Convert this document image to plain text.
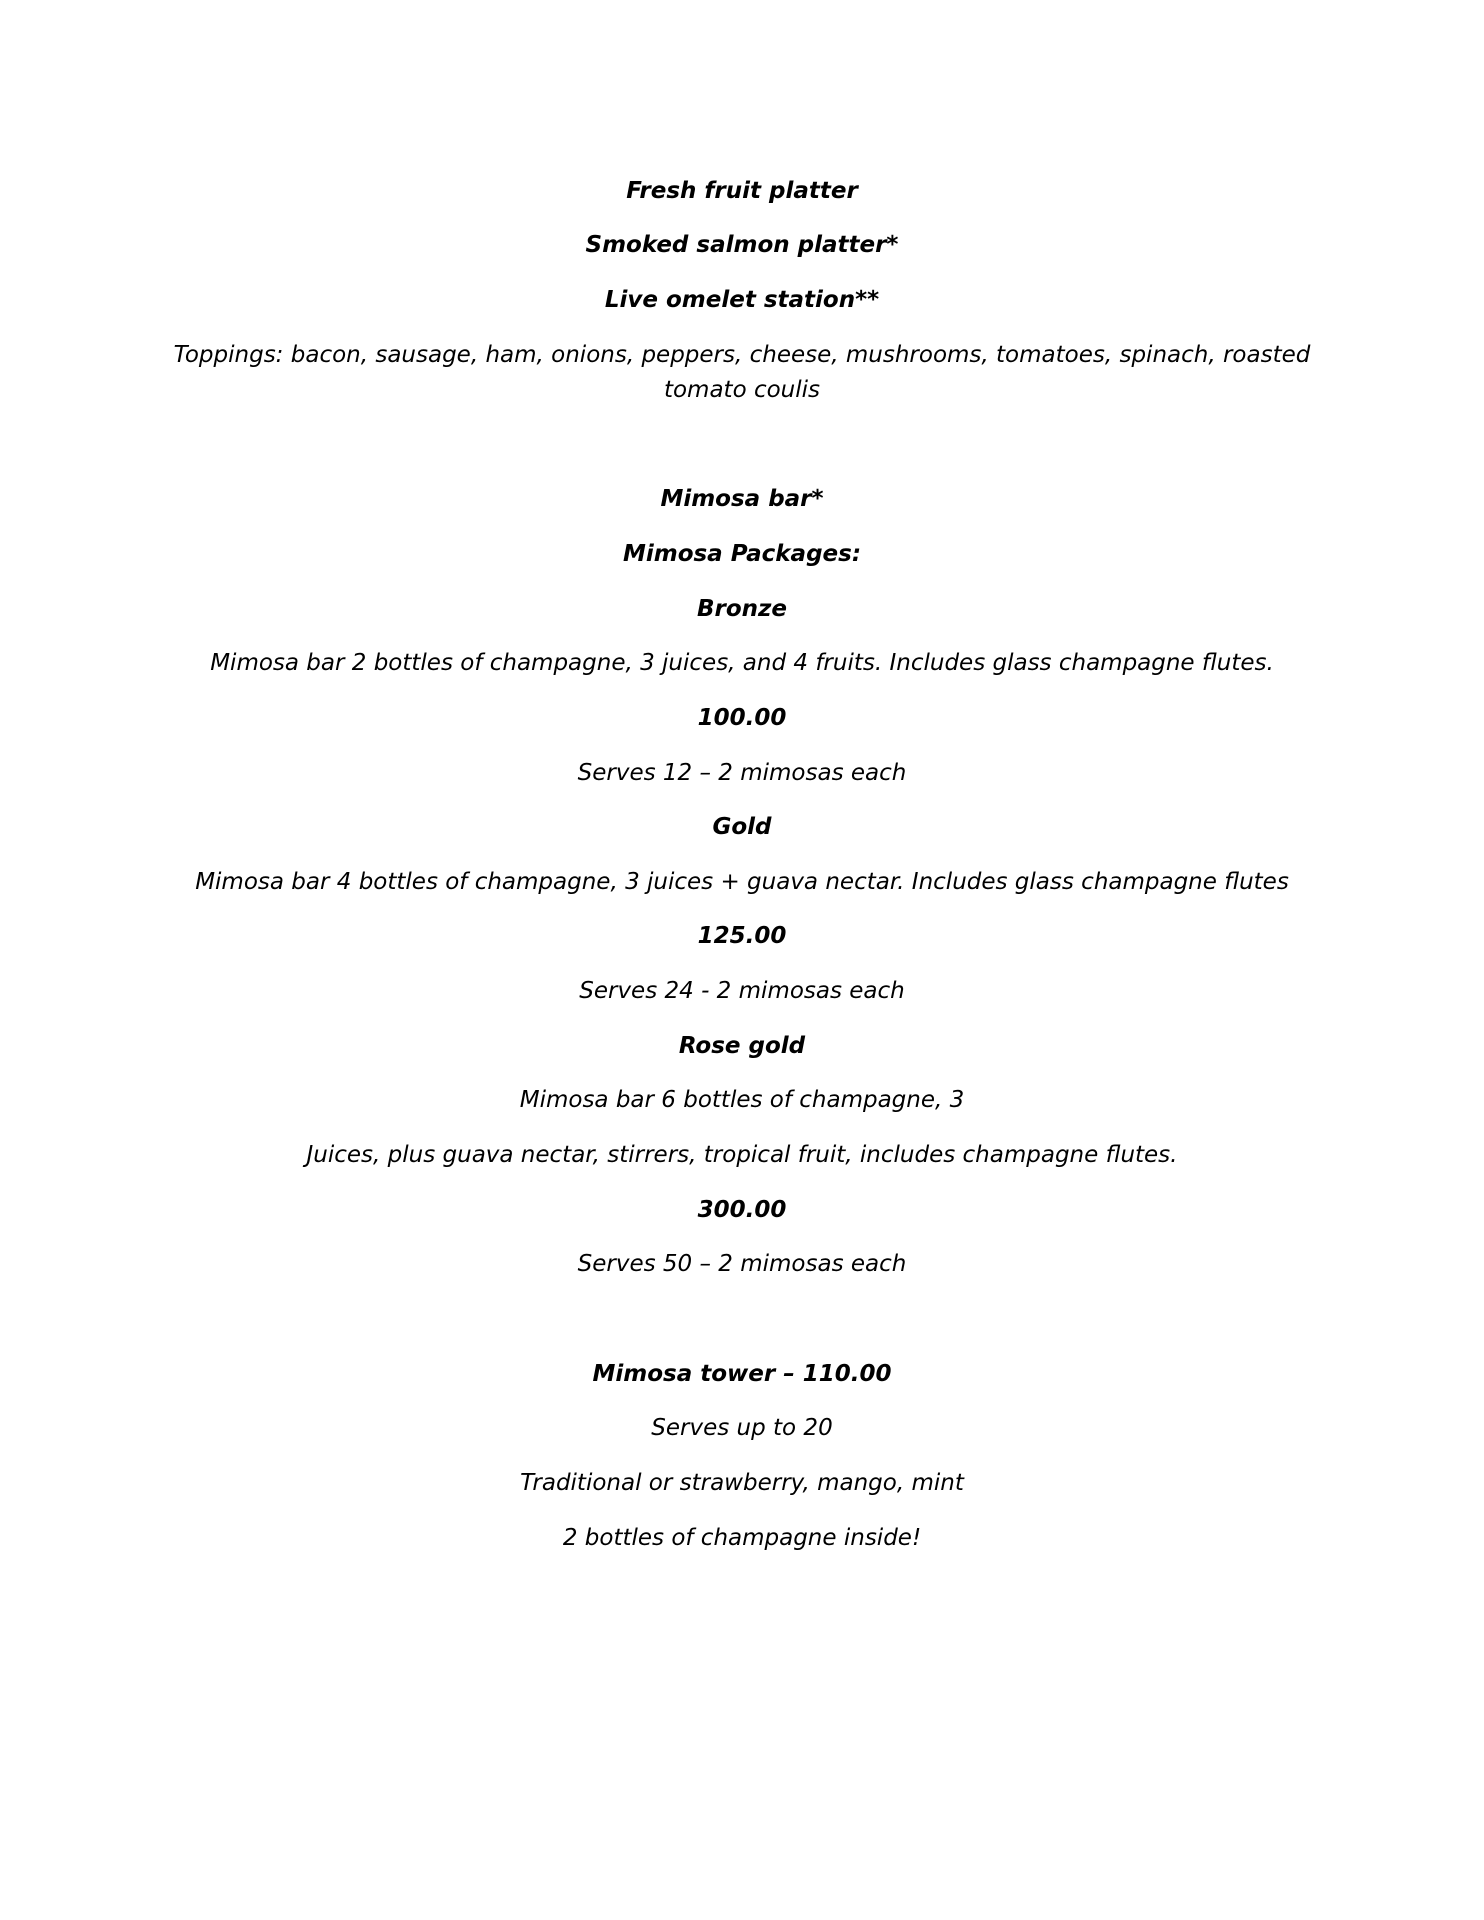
Fresh fruit platter
Smoked salmon platter*
Live omelet station**
Toppings: bacon, sausage, ham, onions, peppers, cheese, mushrooms, tomatoes, spinach, roasted
tomato coulis
Mimosa bar*
Mimosa Packages:
Bronze
Mimosa bar 2 bottles of champagne, 3 juices, and 4 fruits. Includes glass champagne flutes.
100.00
Serves 12 – 2 mimosas each
Gold
Mimosa bar 4 bottles of champagne, 3 juices + guava nectar. Includes glass champagne flutes
125.00
Serves 24 - 2 mimosas each
Rose gold
Mimosa bar 6 bottles of champagne, 3
Juices, plus guava nectar, stirrers, tropical fruit, includes champagne flutes.
300.00
Serves 50 – 2 mimosas each
Mimosa tower – 110.00
Serves up to 20
Traditional or strawberry, mango, mint
2 bottles of champagne inside!
